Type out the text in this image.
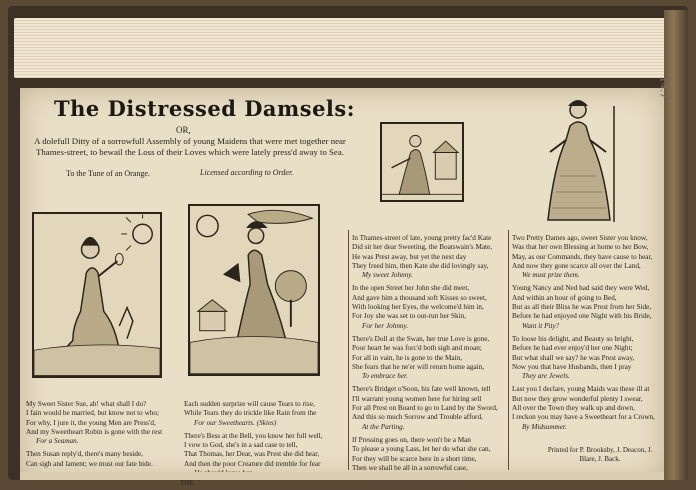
The Distressed Damsels:
OR,
A dolefull Ditty of a sorrowfull Assembly of young Maidens that were met together near Thames-street, to bewail the Loss of their Loves which were lately press'd away to Sea.
To the Tune of an Orange.	Licensed according to Order.
14.7
My Sweet Sister Sue, ah! what shall I do?
I fain would be married, but know not to who;
For why, I jure it, the young Men are Press'd,
And my Sweetheart Robin is gone with the rest
For a Seaman.
Then Susan reply'd, there's many beside,
Can sigh and lament; we must our fate bide.
Each sudden surprize will cause Tears to rise,
While Tears they do trickle like Rain from the
For our Sweethearts. (Skies)
There's Bess at the Bell, you know her full well,
I vow to God, she's in a sad case to tell,
That Thomas, her Dear, was Prest she did hear,
And then the poor Creature did tremble for fear
In Thames-street of late, young pretty fac'd Kate
Did sit her dear Sweeting, the Boatswain's Mate,
He was Prest away, but yet the next day
They freed him, then Kate she did lovingly say,
My sweet Johnny.
In the open Street her John she did meet,
And gave him a thousand soft Kisses so sweet,
With looking her Eyes, the welcome'd him in,
For Joy she was set to out-run her Skin,
For her Johnny.
There's Doll at the Swan, her true Love is gone,
Poor heart he was forc'd both sigh and moan;
For all in vain, he is gone to the Main,
She fears that he ne'er will return home again,
To embrace her.
There's Bridget o'Soon, his fate well known, tell
I'll warrant young women here for hiring sell
For all Prest on Board to go to Land by the Sword,
And this so much Sorrow and Trouble afford,
At the Parting.
If Pressing goes on, there won't be a Man
To please a young Lass, let her do what she can,
For they will be scarce here in a short time,
Then we shall be all in a sorrowful case,
Two Pretty Dames ago, sweet Sister you know,
Was that her own Blessing at home to her Bow,
May, as our Commands, they have cause to hear,
And now they gone scarce all over the Land,
We must prize them.
Young Nancy and Ned had said they were Wed,
And within an hour of going to Bed,
But as all their Bliss he was Prest from her Side,
Before he had enjoyed one Night with his Bride,
Want it Pity?
To loose his delight, and Beauty so bright,
Before he had ever enjoy'd her one Night;
But what shall we say? he was Prest away,
Now you that have Husbands, then I pray
They are Jewels.
Last you I declare, young Maids was these ill at
But now they grow wonderful plenty I swear,
All over the Town they walk up and down,
I reckon you may have a Sweetheart for a Crown,
By Midsummer.
Printed for P. Brooksby, J. Deacon, J. Blare, J. Back.
THE
